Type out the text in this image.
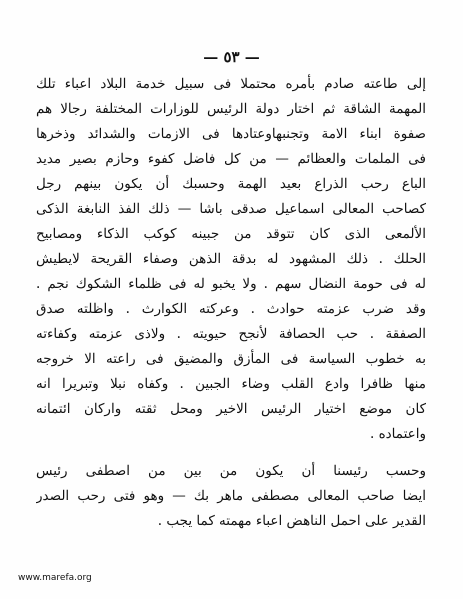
— ٥٣ —
إلى طاعته صادم بأمره محتملا فى سبيل خدمة البلاد اعباء تلك
المهمة الشاقة ثم اختار دولة الرئيس للوزارات المختلفة رجالا هم
صفوة ابناء الامة وتجنبهاوعتادها فى الازمات والشدائد وذخرها
فى الملمات والعظائم — من كل فاضل كفوء وحازم بصير مديد
الباع رحب الذراع بعيد الهمة وحسبك أن يكون بينهم رجل
كصاحب المعالى اسماعيل صدقى باشا — ذلك الفذ النابغة الذكى
الألمعى الذى كان تتوقد من جبينه كوكب الذكاء ومصابيح
الحلك . ذلك المشهود له بدقة الذهن وصفاء القريحة لايطيش
له فى حومة النضال سهم . ولا يخبو له فى ظلماء الشكوك نجم .
وقد ضرب عزمته حوادث . وعركته الكوارث . واظلته صدق
الصفقة . حب الحصافة لأنجح حيويته . ولاذى عزمته وكفاءته
به خطوب السياسة فى المأزق والمضيق فى راعته الا خروجه
منها ظافرا وادع القلب وضاء الجبين . وكفاه نبلا وتبريرا انه
كان موضع اختيار الرئيس الاخير ومحل ثقته واركان ائتمانه
واعتماده .
وحسب رئيسنا أن يكون من بين من اصطفى رئيس
ايضا صاحب المعالى مصطفى ماهر بك — وهو فتى رحب الصدر
القدير على احمل الناهض اعباء مهمته كما يجب .
www.marefa.org
